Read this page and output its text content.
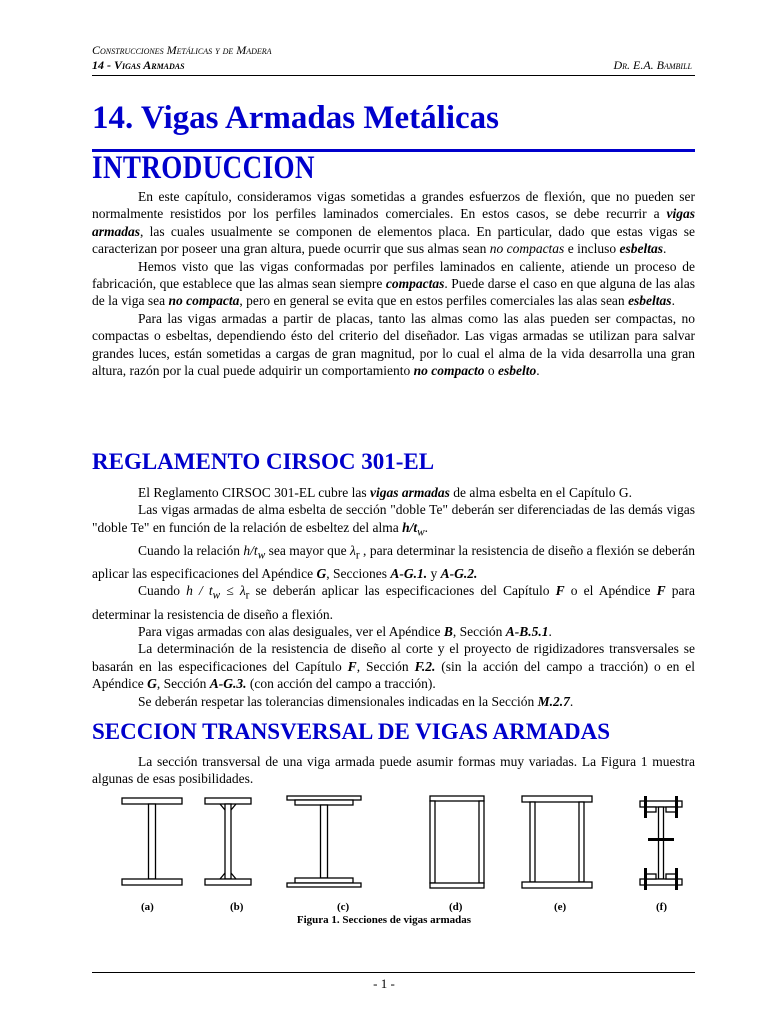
Construcciones Metálicas y de Madera
14 - Vigas Armadas	Dr. E.A. Bambill
14. Vigas Armadas Metálicas
INTRODUCCION

En este capítulo, consideramos vigas sometidas a grandes esfuerzos de flexión, que no pueden ser normalmente resistidos por los perfiles laminados comerciales. En estos casos, se debe recurrir a vigas armadas, las cuales usualmente se componen de elementos placa. En particular, dado que estas vigas se caracterizan por poseer una gran altura, puede ocurrir que sus almas sean no compactas e incluso esbeltas.

Hemos visto que las vigas conformadas por perfiles laminados en caliente, atiende un proceso de fabricación, que establece que las almas sean siempre compactas. Puede darse el caso en que alguna de las alas de la viga sea no compacta, pero en general se evita que en estos perfiles comerciales las alas sean esbeltas.

Para las vigas armadas a partir de placas, tanto las almas como las alas pueden ser compactas, no compactas o esbeltas, dependiendo ésto del criterio del diseñador. Las vigas armadas se utilizan para salvar grandes luces, están sometidas a cargas de gran magnitud, por lo cual el alma de la vida desarrolla una gran altura, razón por la cual puede adquirir un comportamiento no compacto o esbelto.

REGLAMENTO CIRSOC 301-EL

El Reglamento CIRSOC 301-EL cubre las vigas armadas de alma esbelta en el Capítulo G.

Las vigas armadas de alma esbelta de sección "doble Te" deberán ser diferenciadas de las demás vigas "doble Te" en función de la relación de esbeltez del alma $h/t_w$.

Cuando la relación $h/t_w$ sea mayor que $\lambda_r$ , para determinar la resistencia de diseño a flexión se deberán aplicar las especificaciones del Apéndice G, Secciones A-G.1. y A-G.2.

Cuando $h / t_w \le \lambda_r$ se deberán aplicar las especificaciones del Capítulo F o el Apéndice F para determinar la resistencia de diseño a flexión.

Para vigas armadas con alas desiguales, ver el Apéndice B, Sección A-B.5.1.

La determinación de la resistencia de diseño al corte y el proyecto de rigidizadores transversales se basarán en las especificaciones del Capítulo F, Sección F.2. (sin la acción del campo a tracción) o en el Apéndice G, Sección A-G.3. (con acción del campo a tracción).

Se deberán respetar las tolerancias dimensionales indicadas en la Sección M.2.7.

SECCION TRANSVERSAL DE VIGAS ARMADAS

La sección transversal de una viga armada puede asumir formas muy variadas. La Figura 1 muestra algunas de esas posibilidades.

(a)	(b)	(c)	(d)	(e)	(f)
Figura 1. Secciones de vigas armadas
- 1 -
